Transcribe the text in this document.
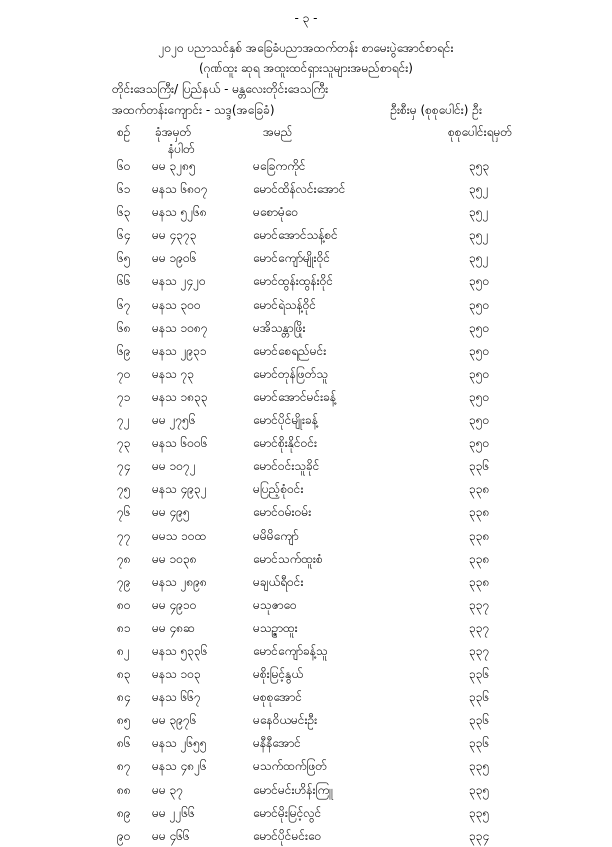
- ၃ -
၂၀၂၀ ပညာသင်နှစ် အခြေခံပညာအထက်တန်း စာမေးပွဲအောင်စာရင်း
(ဂုဏ်ထူး ဆုရ အထူးထင်ရှားသူများအမည်စာရင်း)
တိုင်းဒေသကြီး/ ပြည်နယ် - မန္တလေးတိုင်းဒေသကြီး
အထက်တန်းကျောင်း - သဒ္ဒ(အခြေခံ)	ဦးစီးမှ (စုစုပေါင်း) ဦး
စဉ် ခုံအမှတ်
နံပါတ်
အမည်	စုစုပေါင်းရမှတ်
၆၀ မမ ၃၂၈၅	မခြေကကိုင်	၃၅၃
၆၁ မနသ ၆၈၀၇	မောင်ထိန်လင်းအောင်	၃၅၂
၆၃ မနသ ၅၂၆၈	မစောမုံဝေ	၃၅၂
၆၄ မမ ၄၃၇၃	မောင်အောင်သန့်စင်	၃၅၂
၆၅ မမ ၁၉၀၆	မောင်ကျော်မျိုးဝိုင်	၃၅၂
၆၆ မနသ ၂၄၂၀	မောင်ထွန်းထွန်းဝိုင်	၃၅၀
၆၇ မနသ ၃၀၀	မောင်ရဲသန့်ဝိုင်	၃၅၀
၆၈ မနသ ၁၀၈၇	မအိသန္တာဖြိုး	၃၅၀
၆၉ မနသ ၂၉၃၁	မောင်စေရည်မင်း	၃၅၀
၇၀ မနသ ၇၃	မောင်တုန်ဖြတ်သူ	၃၅၀
၇၁ မနသ ၁၈၃၃	မောင်အောင်မင်းခန့်	၃၅၀
၇၂ မမ ၂၇၅၆	မောင်ပိုင်မျိုးခန့်	၃၅၀
၇၃ မနသ ၆၀၀၆	မောင်စိုးနိုင်ဝင်း	၃၅၀
၇၄ မမ ၁၀၇၂	မောင်ဝင်းသူခိုင်	၃၃၆
၇၅ မနသ ၄၉၃၂	မပြည့်စုံဝင်း	၃၃၈
၇၆ မမ ၄၉၅	မောင်ဝမ်းဝမ်း	၃၃၈
၇၇ မမသ ၁၀ထ	မမိမိကျော်	၃၃၈
၇၈ မမ ၁၀၃၈	မောင်သက်ထူးစံ	၃၃၈
၇၉ မနသ ၂၈၉၈	မချယ်ရီဝင်း	၃၃၈
၈၀ မမ ၄၉၁၀	မသုဇာဝေ	၃၃၇
၈၁ မမ ၄၈ဆ	မသဥ္ဇာထူး	၃၃၇
၈၂ မနသ ၅၃၃၆	မောင်ကျော်ခန့်သူ	၃၃၇
၈၃ မနသ ၁၀၃	မစိုးမြင့်နွယ်	၃၃၆
၈၄ မနသ ၆၆၇	မစုစုအောင်	၃၃၆
၈၅ မမ ၃၉၇၆	မနေဝိယမင်းဦး	၃၃၆
၈၆ မနသ ၂၆၅၅	မနီနီအောင်	၃၃၆
၈၇ မနသ ၄၈၂၆	မသက်ထက်ဖြတ်	၃၃၅
၈၈ မမ ၃၇	မောင်မင်းဟိန်းကြူ	၃၃၅
၈၉ မမ ၂၂၆၆	မောင်မိုးမြင့်လွင်	၃၃၅
၉၀ မမ ၄၆၆	မောင်ပိုင်မင်းဝေ	၃၃၄
